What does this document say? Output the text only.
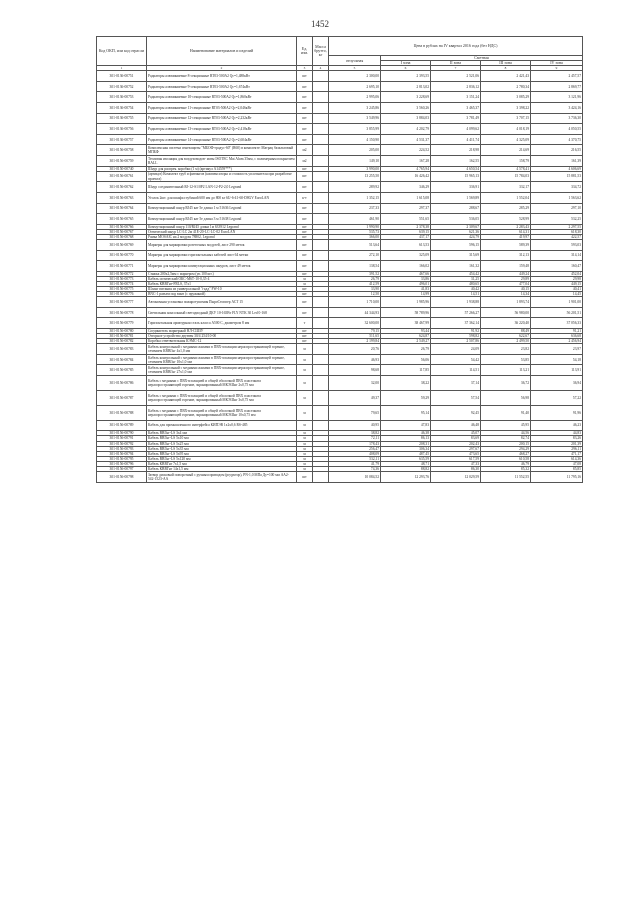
1452
Код ОКП, или код отрасли	Наименование материалов и изделий	Ед. изм.	Масса брутто, кг	Цена в рублях на IV квартал 2016 года (без НДС)				
				отпускная	Сметная			
					I зона	II зона	III зона	IV зона
1	2	3	4	5	6	7	8	9
301-0136-00751	Радиаторы алюминиевые 8-секционные RT03-500A2 Qc=1,488кВт	шт		2 300,00	2 393,55	2 521,06	2 421,43	2 457,57
301-0136-00752	Радиаторы алюминиевые 9-секционные RT03-500A2 Qc=1,674кВт	шт		2 695,10	2 813,02	2 836,12	2 780,34	2 869,77
301-0136-00753	Радиаторы алюминиевые 10-секционные RT03-500A2 Qc=1,860кВт	шт		2 995,06	3 228,69	3 151,24	3 085,29	3 121,96
301-0136-00754	Радиаторы алюминиевые 11-секционные RT03-500A2 Qc=2,046кВт	шт		3 245,86	3 560,26	3 465,37	3 398,22	3 424,16
301-0136-00755	Радиаторы алюминиевые 12-секционные RT03-500A2 Qc=2,232кВт	шт		3 549,96	3 884,03	3 781,49	3 707,15	3 736,30
301-0136-00756	Радиаторы алюминиевые 13-секционные RT03-500A2 Qc=2,418кВт	шт		3 855,99	4 202,79	4 099,62	4 018,19	4 050,55
301-0136-00757	Радиаторы алюминиевые 14-секционные RT03-500A2 Qc=2,604кВт	шт		4 150,90	4 531,37	4 411,74	4 325,09	4 370,75
301-0156-00758	Комплексная система огнезащиты "МБОФ-градус-60" (R60) в комплекте: Матрац базальтовый МПБФ	м2		205,00	224,52	218,98	214,69	216,55
301-0156-00759	Тепловая изоляция для воздуховодов- маты ISOTEC Mat Alum 35мм, с полимерным покрытием RALL	м2		149,10	167,28	162,55	158,79	161,39
301-0150-00740	Шнур для распрея. коробки (1 м) (артикул A14559***)	шт		3 990,00	4 765,94	4 650,54	4 578,41	4 606,69
301-0156-00761	(артикул) Комплект труб и фитингов (компенсаторы и стоимость уплотнителя при разработке проекта)	шт		13 255,50	16 426,42	15 965,13	15 784,03	15 881,53
301-0156-00762	Шнур соединительный RJ-12-S1/0P2 LAN-12-P2-2,0 Legrand	шт		289,92	346,29	336,91	332,17	334,72
301-0156-00763	Уголок 2шт. для шкафа глубиной 600 мм до 800 кг 6U-6-41-60-D8GV EuroLAN	к-т		1 352,15	1 615,08	1 569,89	1 552,04	1 563,62
301-0156-00764	Коммутационный шнур RJ45 кат 5е длина 1 м 51636 Legrand	шт		237,33	297,37	288,67	285,29	297,10
301-0156-00765	Коммутационный шнур RJ45 кат 5е длина 3 м 51638 Legrand	шт		461,90	551,65	536,05	528,99	532,25
301-0156-00766	Коммутационный шнур 110/RJ45 длина 1м 633912 Legrand	шт		1 990,90	2 378,38	2 309,67	2 283,43	2 297,55
301-0156-00767	Оптический шнур LC-LC 2м 41E-20-LC-LC-02 EuroLAN	шт		535,73	639,15	621,36	614,31	618,30
301-0156-00768	Рамка MOSAIC на 2 модуля 78802, Legrand	шт		366,00	437,17	424,79	419,97	422,57
301-0156-00769	Маркеры для маркировки розеточных модулей, лист 290 меток	шт		513,64	613,53	596,15	589,39	593,03
301-0156-00770	Маркеры для маркировки горизонтальных кабелей лист 64 метки	шт		272,10	325,09	315,69	312,13	314,14
301-0156-00771	Маркеры для маркировки коммутационных шнуров, лист 49 меток	шт		138,54	166,02	161,32	159,48	160,47
301-0156-00772	Стяжка 200х2,5мм с маркером (уп.100 шт.)	шт		391,52	467,66	454,42	449,24	452,04
301-0156-00773	Кабель оптический ОКС-М6Т-10-0,35-4	м		26,79	33,86	31,25	29,89	29,98
301-0156-00774	Кабель КВВГнг-FRLS, 37х1	м		412,59	496,01	480,65	477,04	449,15
301-0156-00775	Шланг питания из универсальной "гадд" FW-10	шт		33,90	41,83	40,42	40,15	40,41
301-0156-00776	BNC-1 разъем под винт (с пружиной)	шт		12,50	14,99	14,51	14,34	14,45
301-0156-00777	Автономная установка пожаротушения ПыроСтоппер АСТ 15	шт		1 710,00	1 985,96	1 938,88	1 893,74	1 901,00
301-0156-00778	Светильник консольный светодиодный ДКУ 10-165Вт FLY NTK 30 Led 0-168	шт		44 344,93	58 789,96	57 266,27	56 980,00	56 201,51
301-0156-00779	Горизонтальная арматурная сталь класса А500 С, диаметром 8 мм	т		32 600,00	38 467,99	37 362,14	36 220,40	37 056,33
301-0156-00780	Соединитель маркерный НЛ-СШЗУ	шт		79,15	93,44	91,92	88,49	91,21
301-0156-00781	Отгорное устройство двузвен 30/4 254/10-00	шт		511,65	624,87	598,82	622,67	636,68
301-0156-00782	Коробка ответвительная КЭМС-12	шт		2 199,84	2 549,27	2 507,86	2 499,50	2 456,94
301-0156-00783	Кабель контрольный с медными жилами в ПВХ-изоляции нераспространяющей горение, сечением КВВГнг 4х1,0 мм	м		20,76	26,79	24,09	23,82	23,97
301-0156-00784	Кабель контрольный с медными жилами в ПВХ-изоляции нераспространяющей горение, сечением КВВГнг 10х1,0 мм	м		46,93	56,06	54,42	53,85	54,18
301-0156-00785	Кабель контрольный с медными жилами в ПВХ-изоляции нераспространяющей горение, сечением КВВГнг 27х1,0 мм	м		98,68	117,85	114,51	113,21	113,91
301-0156-00786	Кабель с медными с ПВХ-изоляцией и общей оболочкой ПВХ пластиката нераспространяющей горение, экранированный МКЭШнг 2х0,75 мм	м		32,00	38,22	37,14	36,72	36,94
301-0156-00787	Кабель с медными с ПВХ-изоляцией и общей оболочкой ПВХ пластиката нераспространяющей горение, экранированный МКЭШнг 3х0,75 мм	м		49,37	59,29	57,54	56,98	57,22
301-0156-00788	Кабель с медными с ПВХ-изоляцией и общей оболочкой ПВХ пластиката нераспространяющей горение, экранированный МКЭШнг 10х0,75 мм	м		79,65	95,14	92,45	91,40	91,96
301-0156-00789	Кабель для промышленного интерфейса КИПЭВ 1х2х0,6 RS-485	м		40,95	47,83	46,48	45,95	46,23
301-0156-00790	Кабель ВВГнг-LS 3х4 мм	м		38,82	46,38	45,07	44,56	44,83
301-0156-00791	Кабель ВВГнг-LS 5х10 мм	м		72,11	86,13	83,69	82,74	83,26
301-0156-00792	Кабель ВВГнг-LS 5х25 мм	м		178,43	208,31	202,43	200,15	201,39
301-0156-00793	Кабель ВВГнг-LS 5х35 мм	м		256,47	306,34	297,67	294,29	296,11
301-0156-00794	Кабель ВВГнг-LS 5х95 мм	м		408,09	487,45	473,65	468,27	471,17
301-0156-00795	Кабель ВВГнг-LS 5х120 мм	м		532,11	635,59	617,59	610,58	614,36
301-0156-00796	Кабель КВВГнг 7х1,5 мм	м		41,79	48,71	47,33	46,79	47,08
301-0156-00797	Кабель КВВГнг 14х1,5 мм	м		74,36	88,82	86,30	85,32	85,85
301-0156-00798	Затвор дисковый поворотный с ручным приводом (редуктор), PN-1,0 МПа Ду=100 мм АА2-542-1523-АА	шт		10 084,52	12 293,76	12 029,59	11 552,55	11 795,16
